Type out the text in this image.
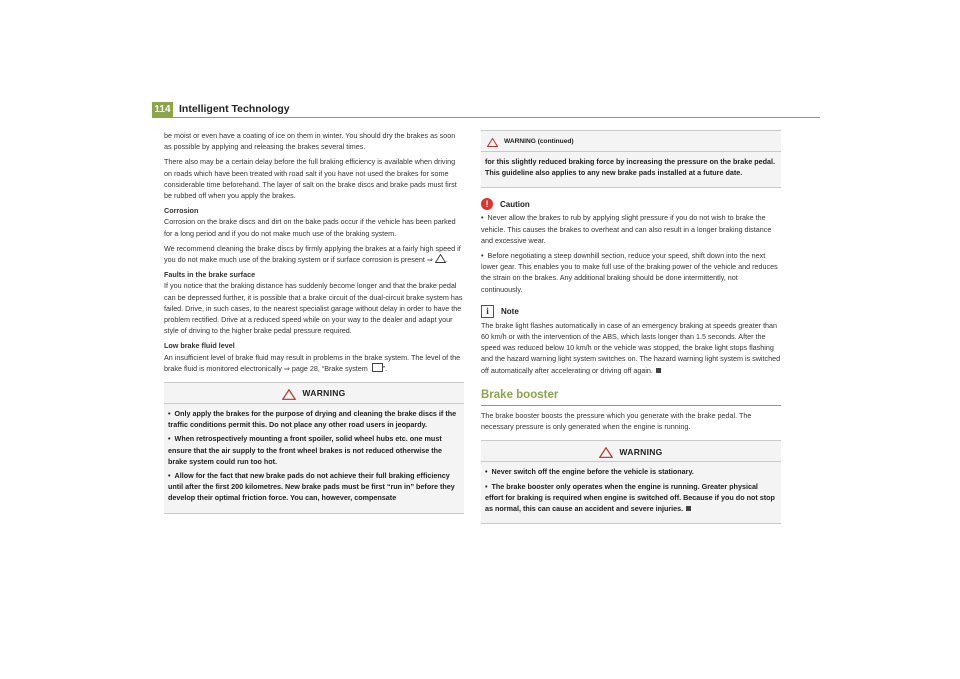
114 Intelligent Technology

be moist or even have a coating of ice on them in winter. You should dry the brakes as soon as possible by applying and releasing the brakes several times.

There also may be a certain delay before the full braking efficiency is available when driving on roads which have been treated with road salt if you have not used the brakes for some considerable time beforehand. The layer of salt on the brake discs and brake pads must first be rubbed off when you apply the brakes.

Corrosion

Corrosion on the brake discs and dirt on the bake pads occur if the vehicle has been parked for a long period and if you do not make much use of the braking system.

We recommend cleaning the brake discs by firmly applying the brakes at a fairly high speed if you do not make much use of the braking system or if surface corrosion is present ⇒ .

Faults in the brake surface

If you notice that the braking distance has suddenly become longer and that the brake pedal can be depressed further, it is possible that a brake circuit of the dual-circuit brake system has failed. Drive, in such cases, to the nearest specialist garage without delay in order to have the problem rectified. Drive at a reduced speed while on your way to the dealer and adapt your style of driving to the higher brake pedal pressure required.

Low brake fluid level

An insufficient level of brake fluid may result in problems in the brake system. The level of the brake fluid is monitored electronically ⇒ page 28, “Brake system ”.

WARNING

• Only apply the brakes for the purpose of drying and cleaning the brake discs if the traffic conditions permit this. Do not place any other road users in jeopardy.

• When retrospectively mounting a front spoiler, solid wheel hubs etc. one must ensure that the air supply to the front wheel brakes is not reduced otherwise the brake system could run too hot.

• Allow for the fact that new brake pads do not achieve their full braking efficiency until after the first 200 kilometres. New brake pads must be first “run in” before they develop their optimal friction force. You can, however, compensate

WARNING (continued)

for this slightly reduced braking force by increasing the pressure on the brake pedal. This guideline also applies to any new brake pads installed at a future date.

!	Caution

• Never allow the brakes to rub by applying slight pressure if you do not wish to brake the vehicle. This causes the brakes to overheat and can also result in a longer braking distance and excessive wear.

• Before negotiating a steep downhill section, reduce your speed, shift down into the next lower gear. This enables you to make full use of the braking power of the vehicle and reduces the strain on the brakes. Any additional braking should be done intermittently, not continuously.

i	Note

The brake light flashes automatically in case of an emergency braking at speeds greater than 60 km/h or with the intervention of the ABS, which lasts longer than 1.5 seconds. After the speed was reduced below 10 km/h or the vehicle was stopped, the brake light stops flashing and the hazard warning light system switches on. The hazard warning light system is switched off automatically after accelerating or driving off again.

Brake booster

The brake booster boosts the pressure which you generate with the brake pedal. The necessary pressure is only generated when the engine is running.

WARNING

• Never switch off the engine before the vehicle is stationary.

• The brake booster only operates when the engine is running. Greater physical effort for braking is required when engine is switched off. Because if you do not stop as normal, this can cause an accident and severe injuries.
